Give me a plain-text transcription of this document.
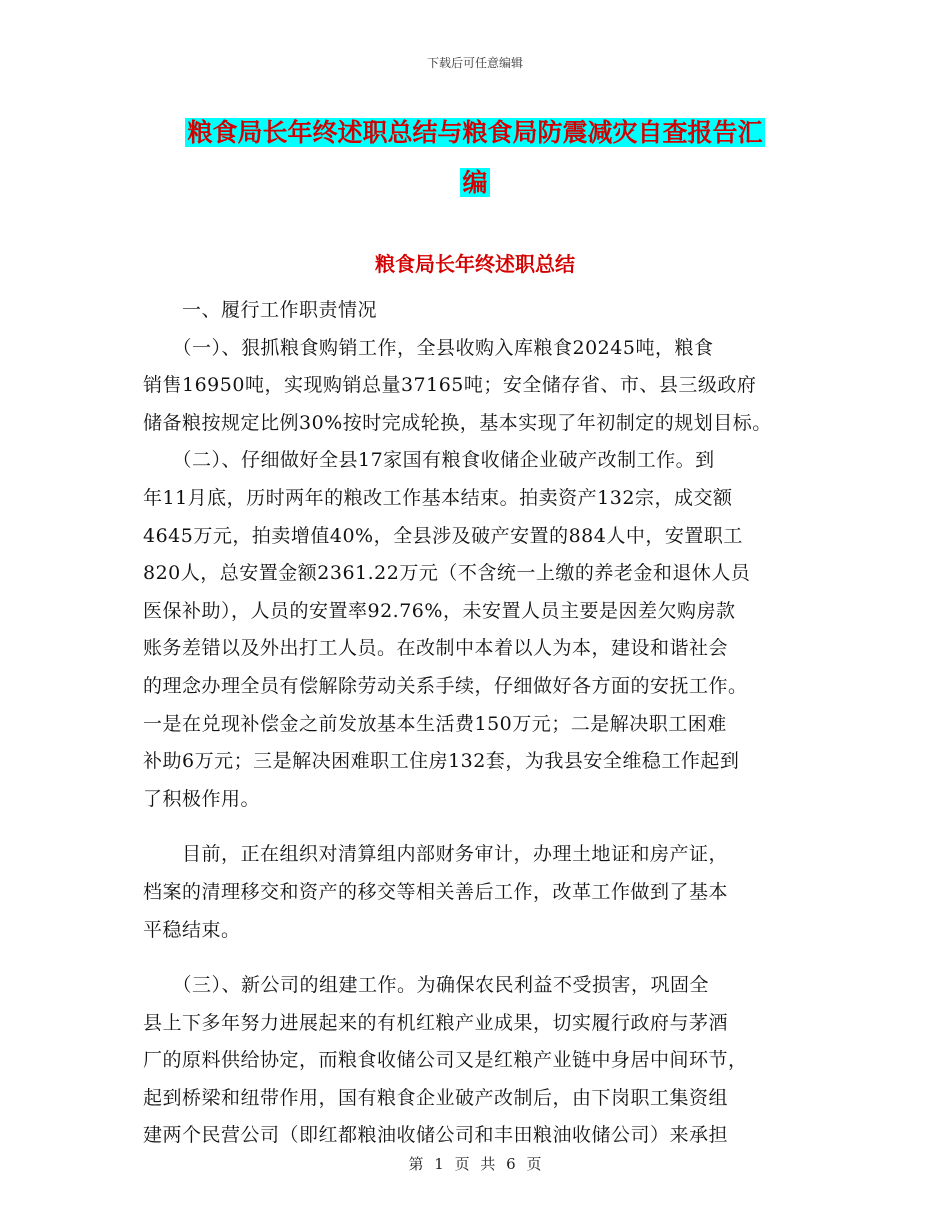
下载后可任意编辑
粮食局长年终述职总结与粮食局防震减灾自查报告汇
编
粮食局长年终述职总结
　　一、履行工作职责情况
　　（一）、狠抓粮食购销工作，全县收购入库粮食20245吨，粮食
销售16950吨，实现购销总量37165吨；安全储存省、市、县三级政府
储备粮按规定比例30%按时完成轮换，基本实现了年初制定的规划目标。
　　（二）、仔细做好全县17家国有粮食收储企业破产改制工作。到
年11月底，历时两年的粮改工作基本结束。拍卖资产132宗，成交额
4645万元，拍卖增值40%，全县涉及破产安置的884人中，安置职工
820人，总安置金额2361.22万元（不含统一上缴的养老金和退休人员
医保补助），人员的安置率92.76%，未安置人员主要是因差欠购房款
账务差错以及外出打工人员。在改制中本着以人为本，建设和谐社会
的理念办理全员有偿解除劳动关系手续，仔细做好各方面的安抚工作。
一是在兑现补偿金之前发放基本生活费150万元；二是解决职工困难
补助6万元；三是解决困难职工住房132套，为我县安全维稳工作起到
了积极作用。
　　目前，正在组织对清算组内部财务审计，办理土地证和房产证，
档案的清理移交和资产的移交等相关善后工作，改革工作做到了基本
平稳结束。
　　（三）、新公司的组建工作。为确保农民利益不受损害，巩固全
县上下多年努力进展起来的有机红粮产业成果，切实履行政府与茅酒
厂的原料供给协定，而粮食收储公司又是红粮产业链中身居中间环节，
起到桥梁和纽带作用，国有粮食企业破产改制后，由下岗职工集资组
建两个民营公司（即红都粮油收储公司和丰田粮油收储公司）来承担
第 1 页 共 6 页
